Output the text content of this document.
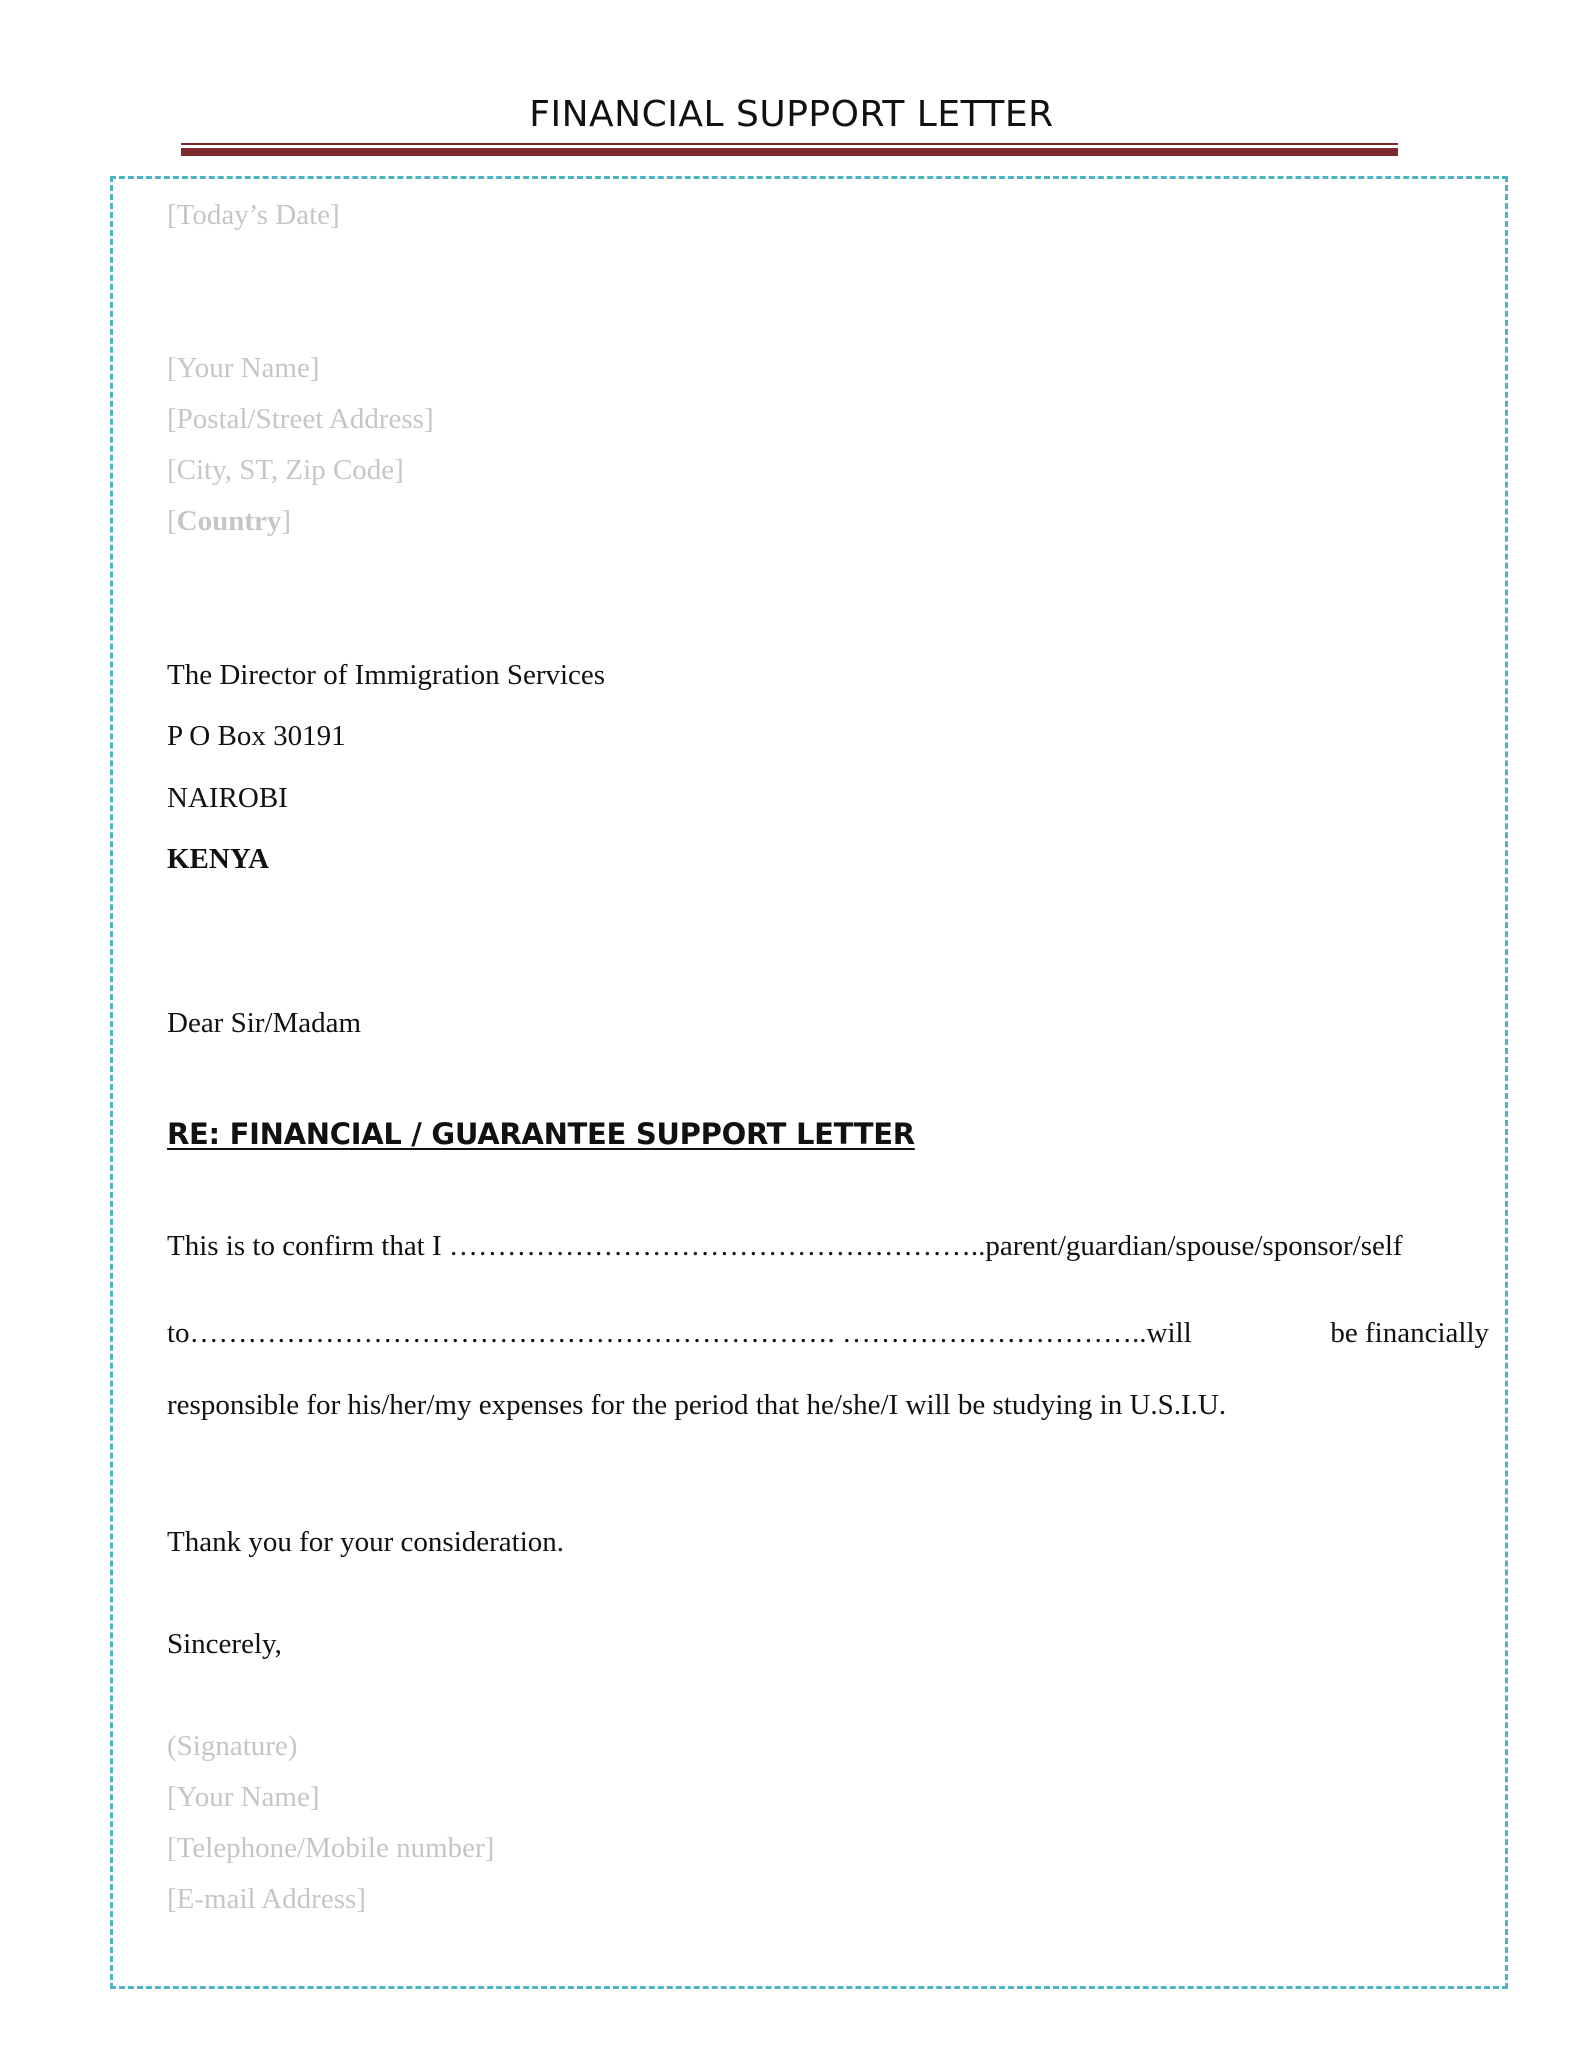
FINANCIAL SUPPORT LETTER
[Today’s Date]
[Your Name]
[Postal/Street Address]
[City, ST, Zip Code]
[Country]
The Director of Immigration Services
P O Box 30191
NAIROBI
KENYA
Dear Sir/Madam
RE: FINANCIAL / GUARANTEE SUPPORT LETTER
This is to confirm that I ………………………………………………..parent/guardian/spouse/sponsor/self
to…………………………………………………………. …………………………..will	be financially
responsible for his/her/my expenses for the period that he/she/I will be studying in U.S.I.U.
Thank you for your consideration.
Sincerely,
(Signature)
[Your Name]
[Telephone/Mobile number]
[E-mail Address]
